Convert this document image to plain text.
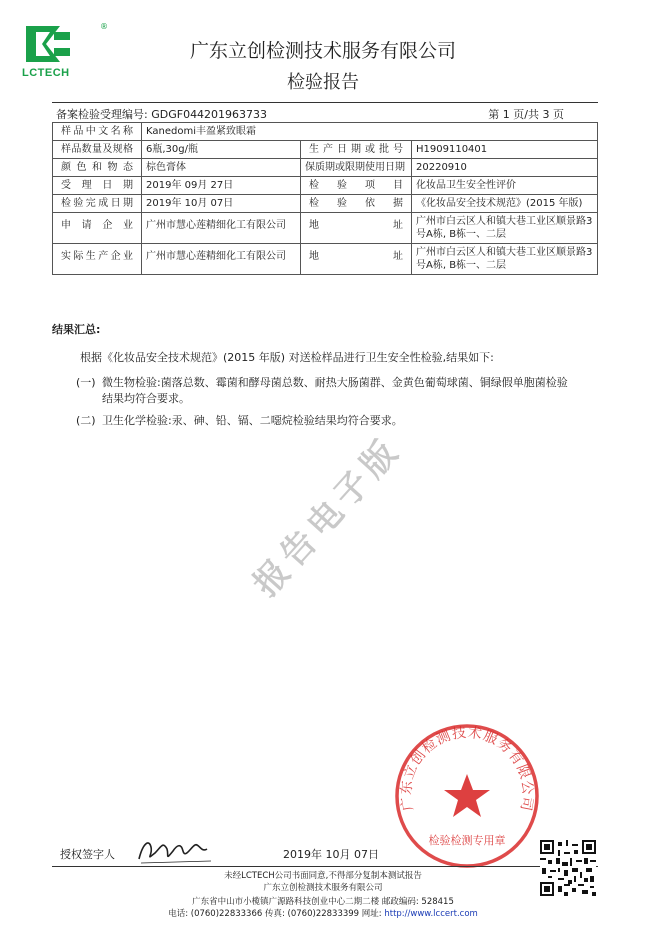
®
LCTECH
广东立创检测技术服务有限公司
检验报告
备案检验受理编号: GDGF044201963733	第 1 页/共 3 页
样品中文名称	Kanedomi丰盈紧致眼霜		
样品数量及规格	6瓶,30g/瓶	生产日期或批号	H1909110401
颜色和物态	棕色膏体	保质期或限期使用日期	20220910
受理日期	2019年 09月 27日	检验项目	化妆品卫生安全性评价
检验完成日期	2019年 10月 07日	检验依据	《化妆品安全技术规范》(2015 年版)
申请企业	广州市慧心莲精细化工有限公司	地址	广州市白云区人和镇大巷工业区顺景路3号A栋, B栋一、二层
实际生产企业	广州市慧心莲精细化工有限公司	地址	广州市白云区人和镇大巷工业区顺景路3号A栋, B栋一、二层
结果汇总:
根据《化妆品安全技术规范》(2015 年版) 对送检样品进行卫生安全性检验,结果如下:
(一) 微生物检验:菌落总数、霉菌和酵母菌总数、耐热大肠菌群、金黄色葡萄球菌、铜绿假单胞菌检验结果均符合要求。
(二) 卫生化学检验:汞、砷、铅、镉、二噁烷检验结果均符合要求。
报告电子版
广东立创检测技术服务有限公司
检验检测专用章
授权签字人	2019年 10月 07日
未经LCTECH公司书面同意,不得部分复制本测试报告
广东立创检测技术服务有限公司
广东省中山市小榄镇广源路科技创业中心二期二楼 邮政编码: 528415
电话: (0760)22833366 传真: (0760)22833399 网址: http://www.lccert.com
